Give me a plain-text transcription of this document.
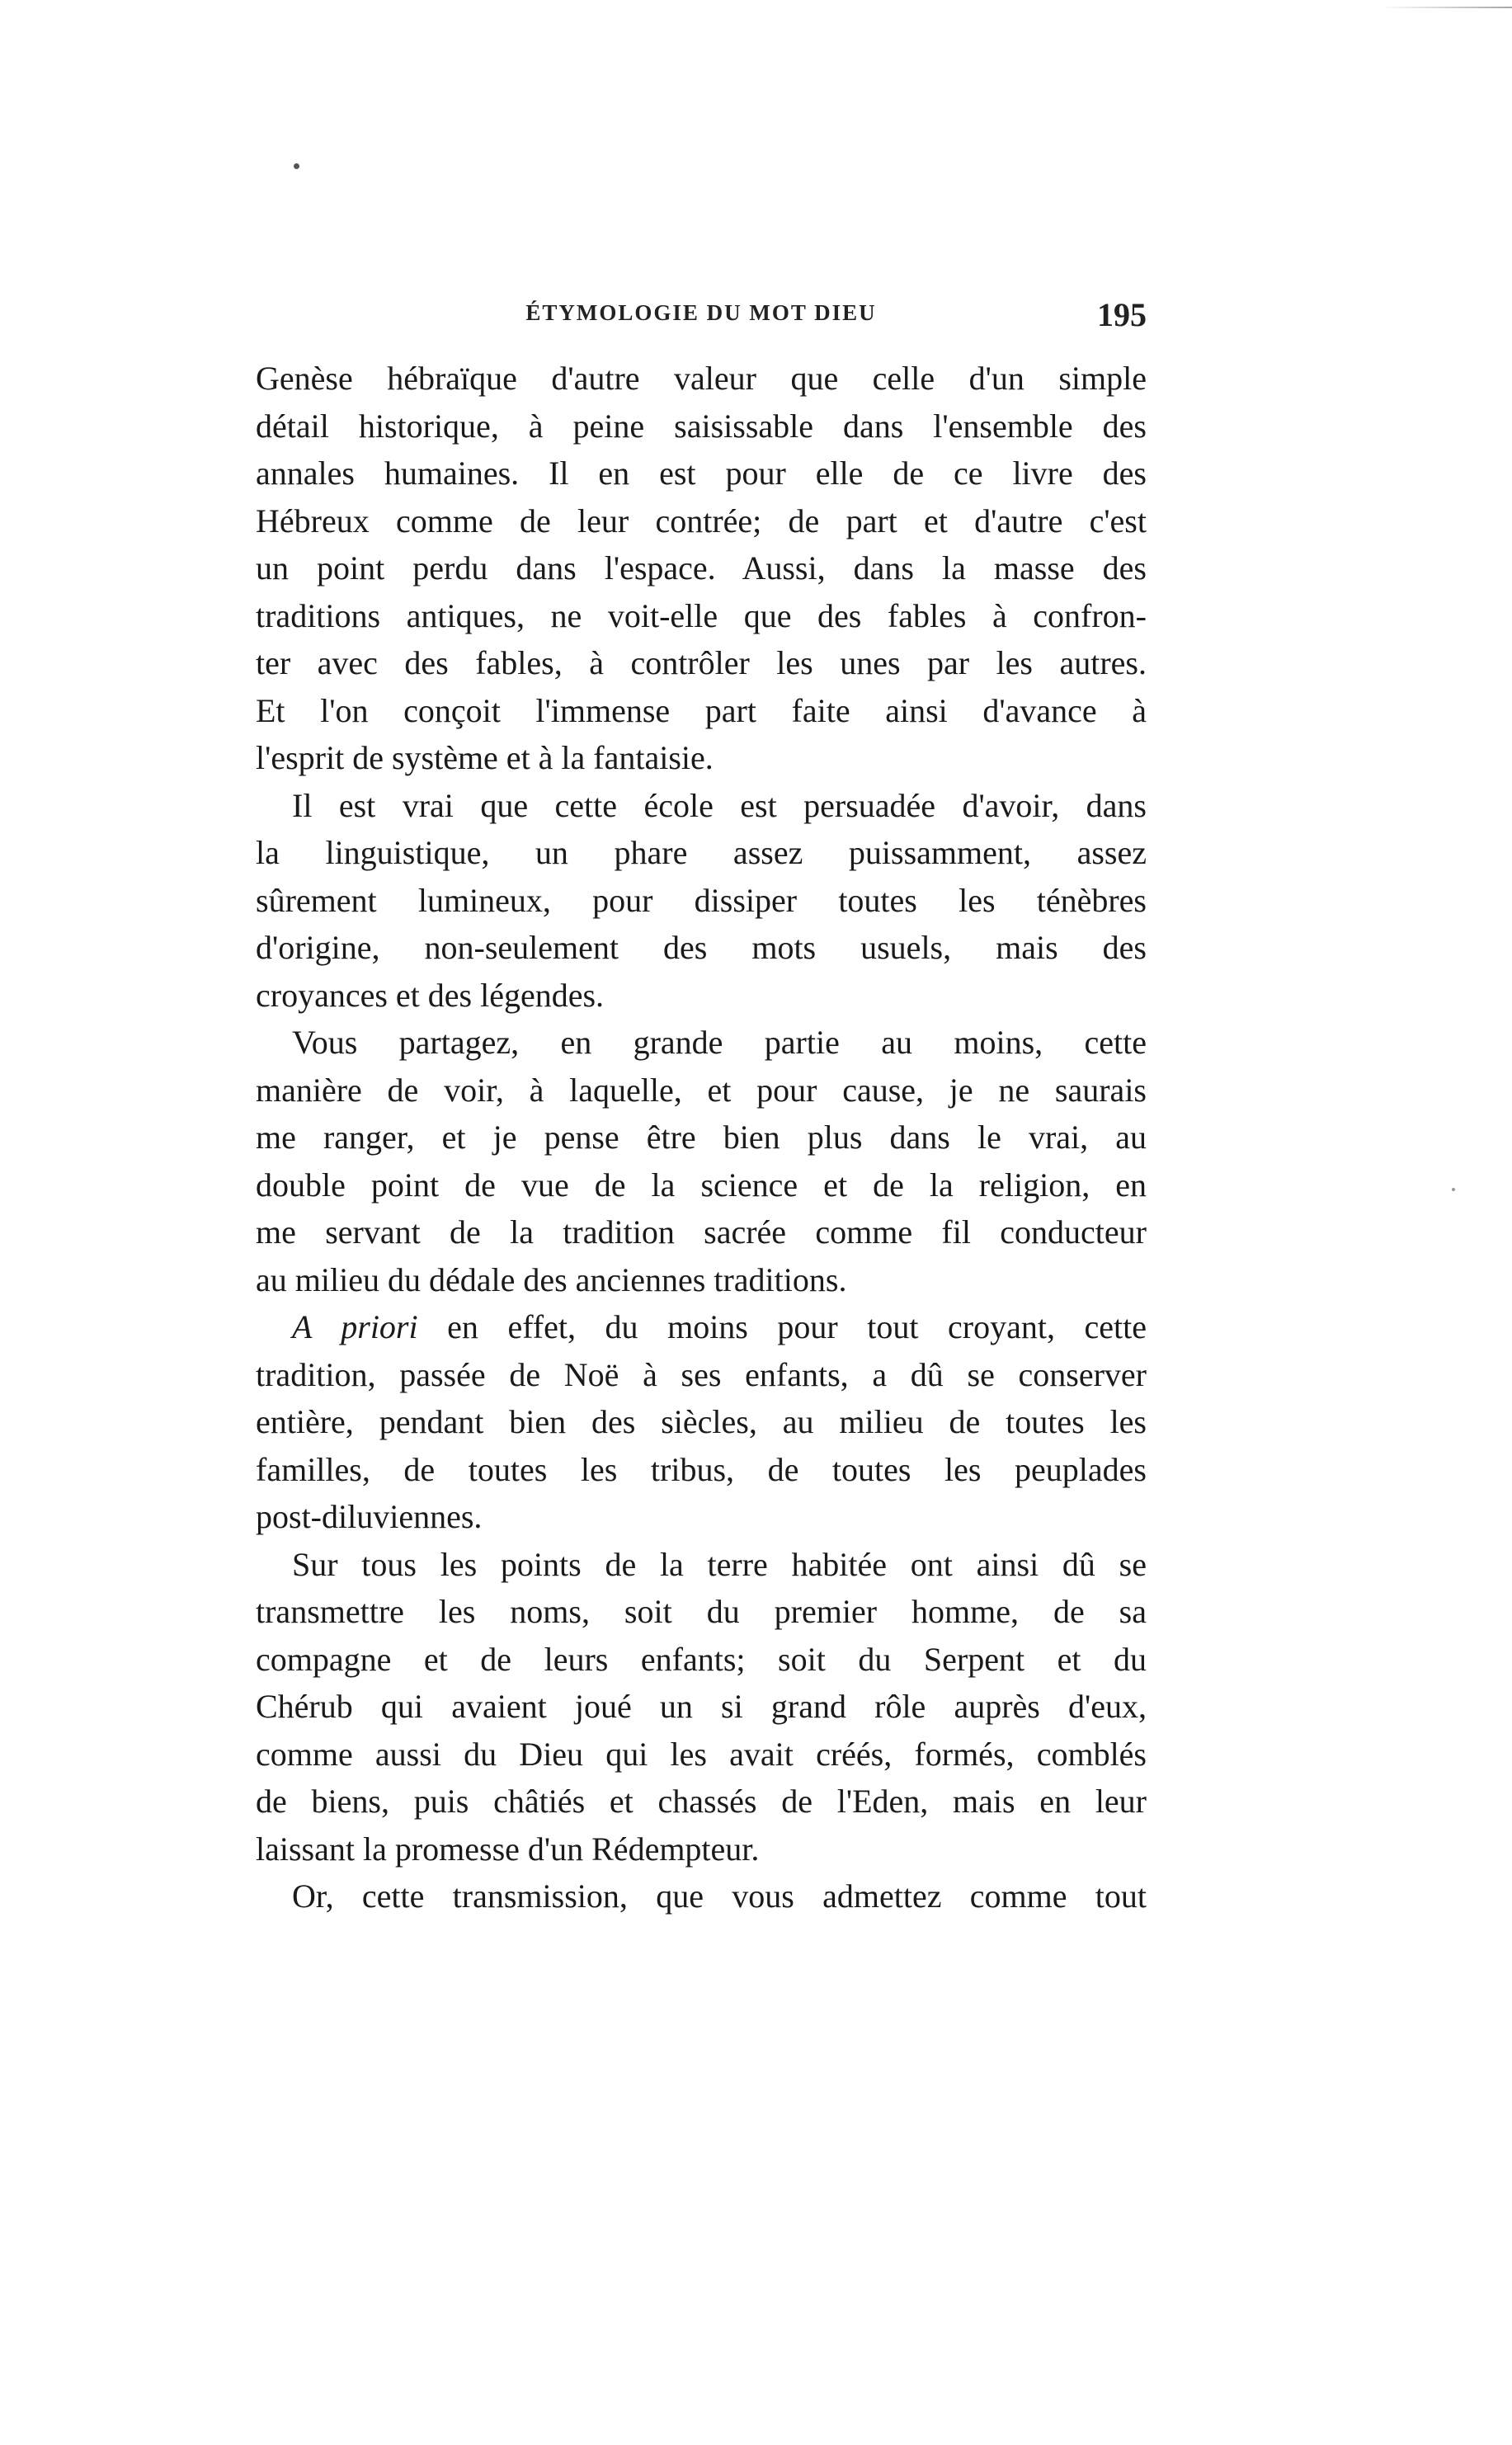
ÉTYMOLOGIE DU MOT DIEU	195
Genèse hébraïque d'autre valeur que celle d'un simple
détail historique, à peine saisissable dans l'ensemble des
annales humaines. Il en est pour elle de ce livre des
Hébreux comme de leur contrée; de part et d'autre c'est
un point perdu dans l'espace. Aussi, dans la masse des
traditions antiques, ne voit-elle que des fables à confron-
ter avec des fables, à contrôler les unes par les autres.
Et l'on conçoit l'immense part faite ainsi d'avance à
l'esprit de système et à la fantaisie.
Il est vrai que cette école est persuadée d'avoir, dans
la linguistique, un phare assez puissamment, assez
sûrement lumineux, pour dissiper toutes les ténèbres
d'origine, non-seulement des mots usuels, mais des
croyances et des légendes.
Vous partagez, en grande partie au moins, cette
manière de voir, à laquelle, et pour cause, je ne saurais
me ranger, et je pense être bien plus dans le vrai, au
double point de vue de la science et de la religion, en
me servant de la tradition sacrée comme fil conducteur
au milieu du dédale des anciennes traditions.
A priori en effet, du moins pour tout croyant, cette
tradition, passée de Noë à ses enfants, a dû se conserver
entière, pendant bien des siècles, au milieu de toutes les
familles, de toutes les tribus, de toutes les peuplades
post-diluviennes.
Sur tous les points de la terre habitée ont ainsi dû se
transmettre les noms, soit du premier homme, de sa
compagne et de leurs enfants; soit du Serpent et du
Chérub qui avaient joué un si grand rôle auprès d'eux,
comme aussi du Dieu qui les avait créés, formés, comblés
de biens, puis châtiés et chassés de l'Eden, mais en leur
laissant la promesse d'un Rédempteur.
Or, cette transmission, que vous admettez comme tout
